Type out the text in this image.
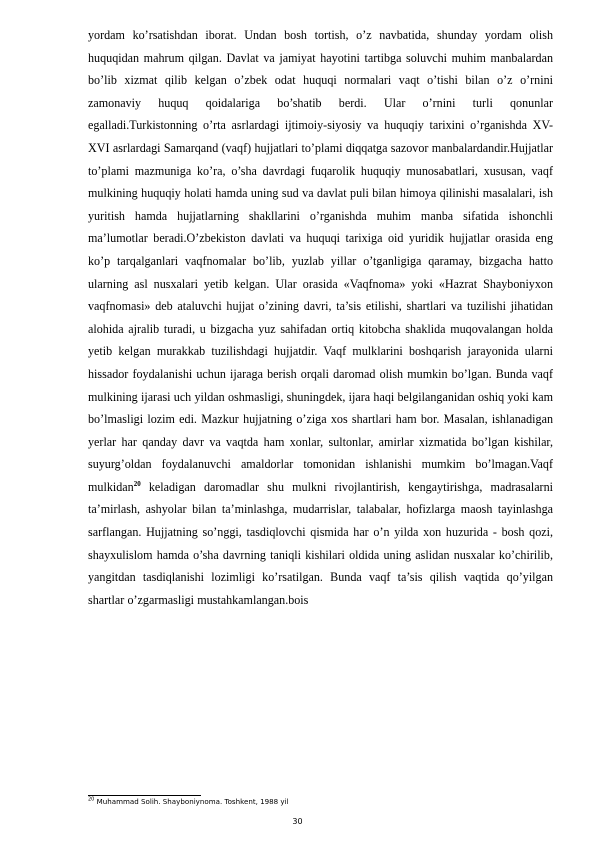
yordam ko’rsatishdan iborat. Undan bosh tortish, o’z navbatida, shunday yordam olish huquqidan mahrum qilgan. Davlat va jamiyat hayotini tartibga soluvchi muhim manbalardan bo’lib xizmat qilib kelgan o’zbek odat huquqi normalari vaqt o’tishi bilan o’z o’rnini zamonaviy huquq qoidalariga bo’shatib berdi. Ular o’rnini turli qonunlar egalladi.Turkistonning o’rta asrlardagi ijtimoiy-siyosiy va huquqiy tarixini o’rganishda XV-XVI asrlardagi Samarqand (vaqf) hujjatlari to’plami diqqatga sazovor manbalardandir.Hujjatlar to’plami mazmuniga ko’ra, o’sha davrdagi fuqarolik huquqiy munosabatlari, xususan, vaqf mulkining huquqiy holati hamda uning sud va davlat puli bilan himoya qilinishi masalalari, ish yuritish hamda hujjatlarning shakllarini o’rganishda muhim manba sifatida ishonchli ma’lumotlar beradi.O’zbekiston davlati va huquqi tarixiga oid yuridik hujjatlar orasida eng ko’p tarqalganlari vaqfnomalar bo’lib, yuzlab yillar o’tganligiga qaramay, bizgacha hatto ularning asl nusxalari yetib kelgan. Ular orasida «Vaqfnoma» yoki «Hazrat Shayboniyxon vaqfnomasi» deb ataluvchi hujjat o’zining davri, ta’sis etilishi, shartlari va tuzilishi jihatidan alohida ajralib turadi, u bizgacha yuz sahifadan ortiq kitobcha shaklida muqovalangan holda yetib kelgan murakkab tuzilishdagi hujjatdir. Vaqf mulklarini boshqarish jarayonida ularni hissador foydalanishi uchun ijaraga berish orqali daromad olish mumkin bo’lgan. Bunda vaqf mulkining ijarasi uch yildan oshmasligi, shuningdek, ijara haqi belgilanganidan oshiq yoki kam bo’lmasligi lozim edi. Mazkur hujjatning o’ziga xos shartlari ham bor. Masalan, ishlanadigan yerlar har qanday davr va vaqtda ham xonlar, sultonlar, amirlar xizmatida bo’lgan kishilar, suyurg’oldan foydalanuvchi amaldorlar tomonidan ishlanishi mumkim bo’lmagan.Vaqf mulkidan$^{20}$ keladigan daromadlar shu mulkni rivojlantirish, kengaytirishga, madrasalarni ta’mirlash, ashyolar bilan ta’minlashga, mudarrislar, talabalar, hofizlarga maosh tayinlashga sarflangan. Hujjatning so’nggi, tasdiqlovchi qismida har o’n yilda xon huzurida - bosh qozi, shayxulislom hamda o’sha davrning taniqli kishilari oldida uning aslidan nusxalar ko’chirilib, yangitdan tasdiqlanishi lozimligi ko’rsatilgan. Bunda vaqf ta’sis qilish vaqtida qo’yilgan shartlar o’zgarmasligi mustahkamlangan.bois

$^{20}$ Muhammad Solih. Shayboniynoma. Toshkent, 1988 yil
30
